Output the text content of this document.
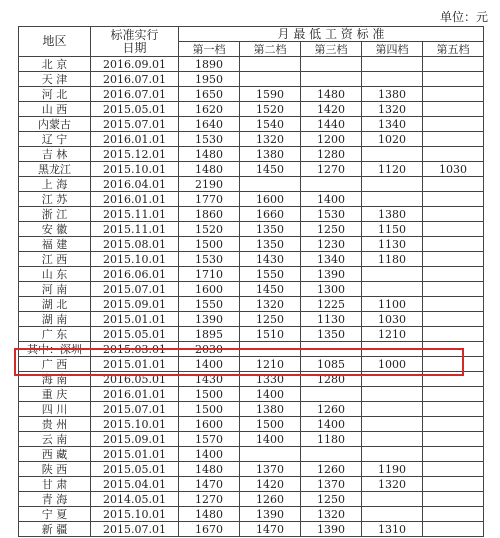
单位：元
地区	标准实行
日期	月 最 低 工 资 标 准				
		第一档	第二档	第三档	第四档	第五档
北 京	2016.09.01	1890				
天 津	2016.07.01	1950				
河 北	2016.07.01	1650	1590	1480	1380	
山 西	2015.05.01	1620	1520	1420	1320	
内蒙古	2015.07.01	1640	1540	1440	1340	
辽 宁	2016.01.01	1530	1320	1200	1020	
吉 林	2015.12.01	1480	1380	1280		
黑龙江	2015.10.01	1480	1450	1270	1120	1030
上 海	2016.04.01	2190				
江 苏	2016.01.01	1770	1600	1400		
浙 江	2015.11.01	1860	1660	1530	1380	
安 徽	2015.11.01	1520	1350	1250	1150	
福 建	2015.08.01	1500	1350	1230	1130	
江 西	2015.10.01	1530	1430	1340	1180	
山 东	2016.06.01	1710	1550	1390		
河 南	2015.07.01	1600	1450	1300		
湖 北	2015.09.01	1550	1320	1225	1100	
湖 南	2015.01.01	1390	1250	1130	1030	
广 东	2015.05.01	1895	1510	1350	1210	
其中：深圳	2015.03.01	2030				
广 西	2015.01.01	1400	1210	1085	1000	
海 南	2016.05.01	1430	1330	1280		
重 庆	2016.01.01	1500	1400			
四 川	2015.07.01	1500	1380	1260		
贵 州	2015.10.01	1600	1500	1400		
云 南	2015.09.01	1570	1400	1180		
西 藏	2015.01.01	1400				
陕 西	2015.05.01	1480	1370	1260	1190	
甘 肃	2015.04.01	1470	1420	1370	1320	
青 海	2014.05.01	1270	1260	1250		
宁 夏	2015.10.01	1480	1390	1320		
新 疆	2015.07.01	1670	1470	1390	1310	
